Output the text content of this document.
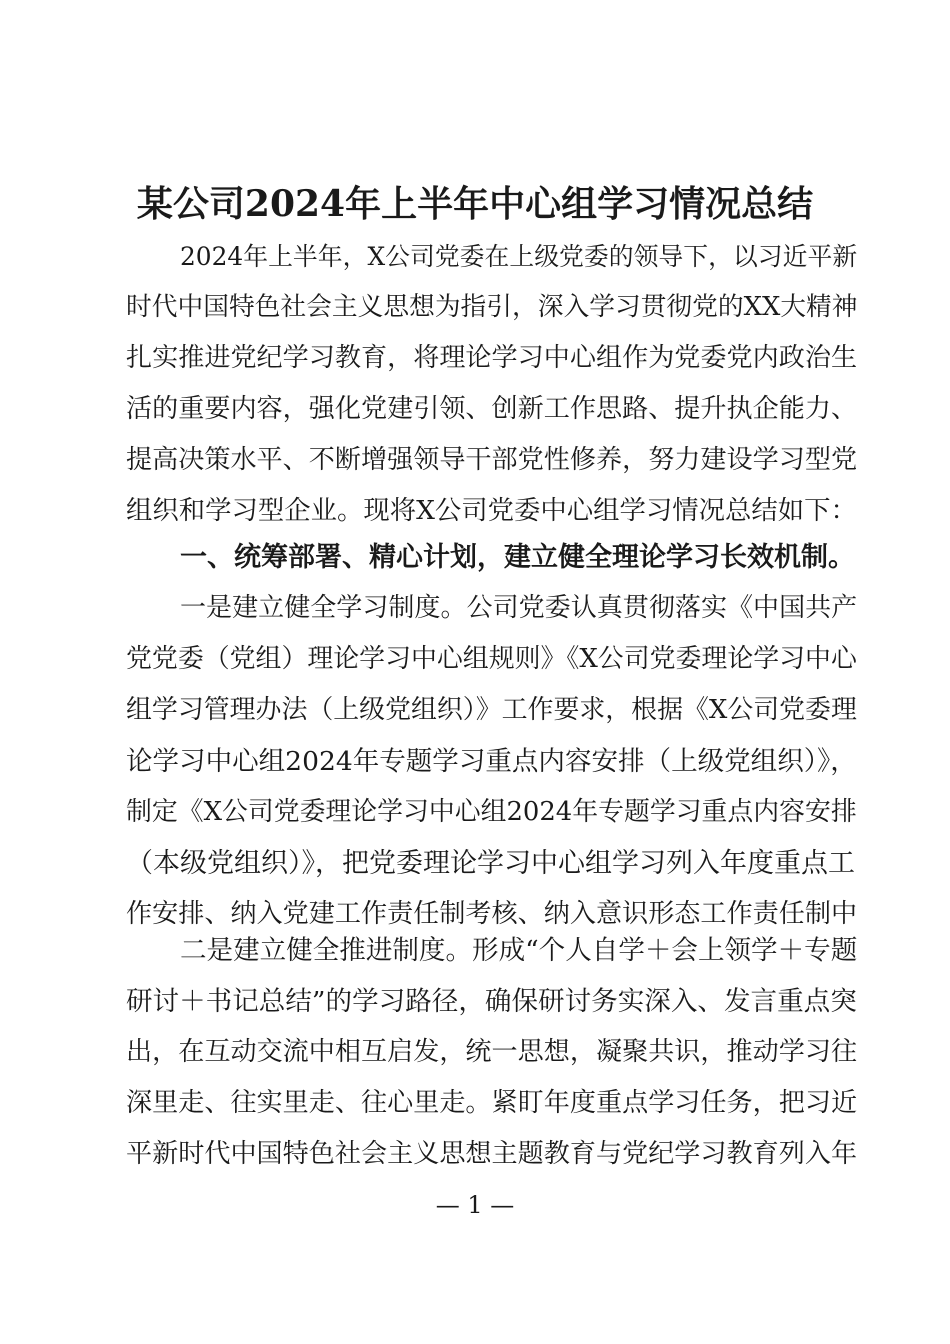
某公司2024年上半年中心组学习情况总结
2024年上半年，X公司党委在上级党委的领导下，以习近平新
时代中国特色社会主义思想为指引，深入学习贯彻党的XX大精神
扎实推进党纪学习教育，将理论学习中心组作为党委党内政治生
活的重要内容，强化党建引领、创新工作思路、提升执企能力、
提高决策水平、不断增强领导干部党性修养，努力建设学习型党
组织和学习型企业。现将X公司党委中心组学习情况总结如下：
一、统筹部署、精心计划，建立健全理论学习长效机制。
一是建立健全学习制度。公司党委认真贯彻落实《中国共产
党党委（党组）理论学习中心组规则》《X公司党委理论学习中心
组学习管理办法（上级党组织）》工作要求，根据《X公司党委理
论学习中心组2024年专题学习重点内容安排（上级党组织）》，
制定《X公司党委理论学习中心组2024年专题学习重点内容安排
（本级党组织）》，把党委理论学习中心组学习列入年度重点工
作安排、纳入党建工作责任制考核、纳入意识形态工作责任制中
二是建立健全推进制度。形成“个人自学＋会上领学＋专题
研讨＋书记总结”的学习路径，确保研讨务实深入、发言重点突
出，在互动交流中相互启发，统一思想，凝聚共识，推动学习往
深里走、往实里走、往心里走。紧盯年度重点学习任务，把习近
平新时代中国特色社会主义思想主题教育与党纪学习教育列入年
— 1 —
